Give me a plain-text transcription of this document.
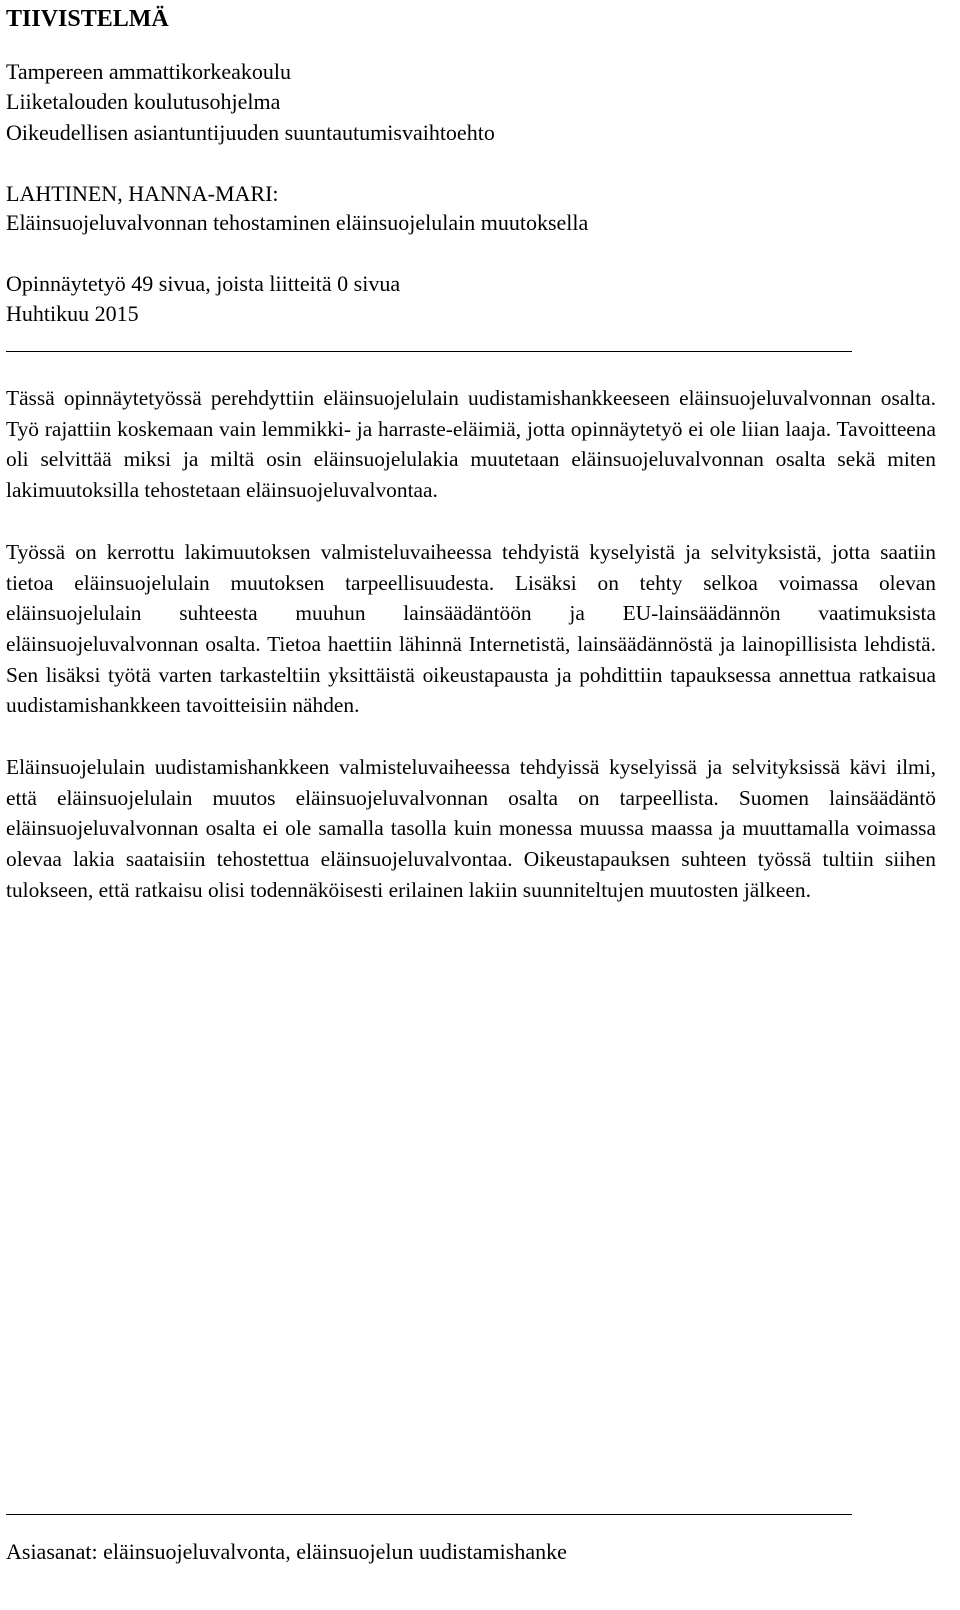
TIIVISTELMÄ
Tampereen ammattikorkeakoulu
Liiketalouden koulutusohjelma
Oikeudellisen asiantuntijuuden suuntautumisvaihtoehto
LAHTINEN, HANNA-MARI:
Eläinsuojeluvalvonnan tehostaminen eläinsuojelulain muutoksella
Opinnäytetyö 49 sivua, joista liitteitä 0 sivua
Huhtikuu 2015

Tässä opinnäytetyössä perehdyttiin eläinsuojelulain uudistamishankkeeseen eläinsuojeluvalvonnan osalta. Työ rajattiin koskemaan vain lemmikki- ja harraste-eläimiä, jotta opinnäytetyö ei ole liian laaja. Tavoitteena oli selvittää miksi ja miltä osin eläinsuojelulakia muutetaan eläinsuojeluvalvonnan osalta sekä miten lakimuutoksilla tehostetaan eläinsuojeluvalvontaa.

Työssä on kerrottu lakimuutoksen valmisteluvaiheessa tehdyistä kyselyistä ja selvityksistä, jotta saatiin tietoa eläinsuojelulain muutoksen tarpeellisuudesta. Lisäksi on tehty selkoa voimassa olevan eläinsuojelulain suhteesta muuhun lainsäädäntöön ja EU-lainsäädännön vaatimuksista eläinsuojeluvalvonnan osalta. Tietoa haettiin lähinnä Internetistä, lainsäädännöstä ja lainopillisista lehdistä. Sen lisäksi työtä varten tarkasteltiin yksittäistä oikeustapausta ja pohdittiin tapauksessa annettua ratkaisua uudistamishankkeen tavoitteisiin nähden.

Eläinsuojelulain uudistamishankkeen valmisteluvaiheessa tehdyissä kyselyissä ja selvityksissä kävi ilmi, että eläinsuojelulain muutos eläinsuojeluvalvonnan osalta on tarpeellista. Suomen lainsäädäntö eläinsuojeluvalvonnan osalta ei ole samalla tasolla kuin monessa muussa maassa ja muuttamalla voimassa olevaa lakia saataisiin tehostettua eläinsuojeluvalvontaa. Oikeustapauksen suhteen työssä tultiin siihen tulokseen, että ratkaisu olisi todennäköisesti erilainen lakiin suunniteltujen muutosten jälkeen.

Asiasanat: eläinsuojeluvalvonta, eläinsuojelun uudistamishanke
